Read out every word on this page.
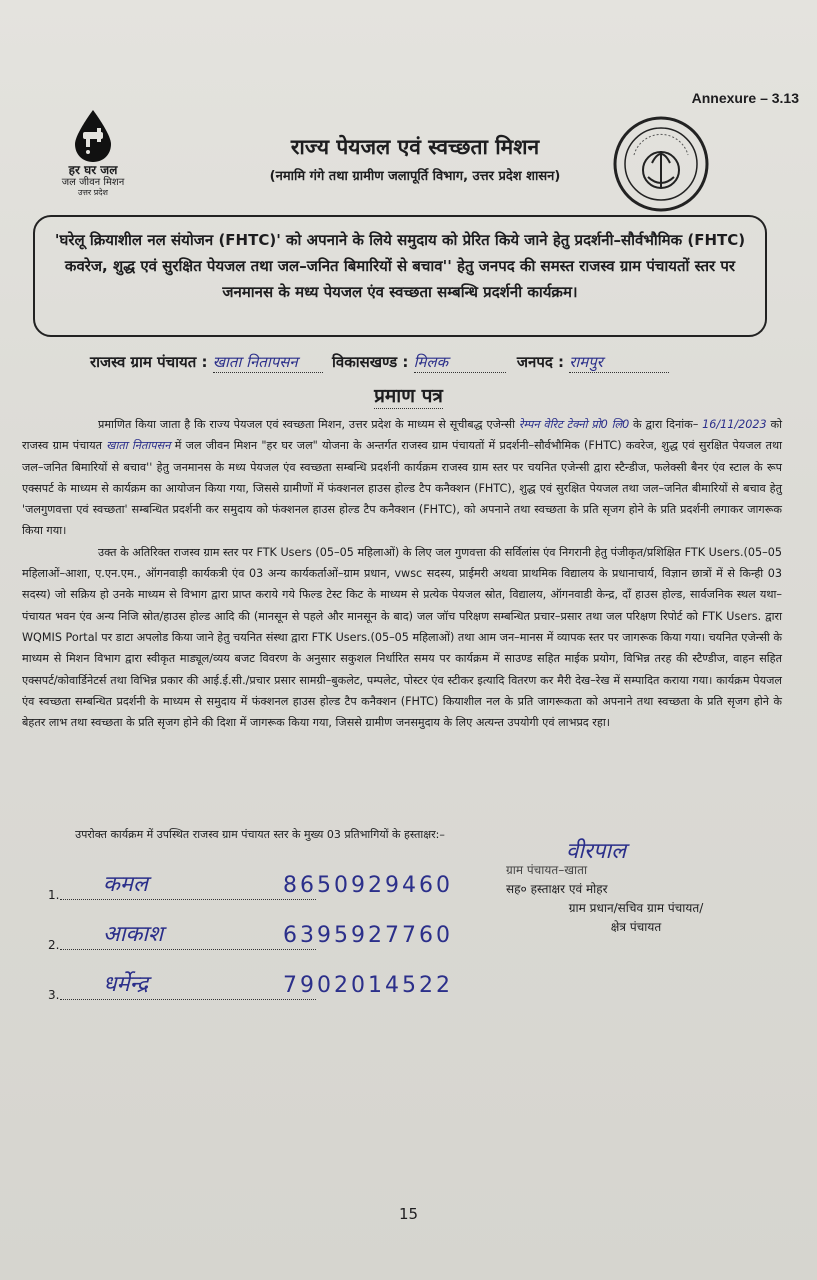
Annexure – 3.13
हर घर जल
जल जीवन मिशन
उत्तर प्रदेश
राज्य पेयजल एवं स्वच्छता मिशन
(नमामि गंगे तथा ग्रामीण जलापूर्ति विभाग, उत्तर प्रदेश शासन)
'घरेलू क्रियाशील नल संयोजन (FHTC)' को अपनाने के लिये समुदाय को प्रेरित किये जाने हेतु प्रदर्शनी–सौर्वभौमिक (FHTC) कवरेज, शुद्ध एवं सुरक्षित पेयजल तथा जल–जनित बिमारियों से बचाव'' हेतु जनपद की समस्त राजस्व ग्राम पंचायतों स्तर पर जनमानस के मध्य पेयजल एंव स्वच्छता सम्बन्धि प्रदर्शनी कार्यक्रम।
राजस्व ग्राम पंचायत : खाता नितापसन विकासखण्ड : मिलक	जनपद : रामपुर
प्रमाण पत्र

प्रमाणित किया जाता है कि राज्य पेयजल एवं स्वच्छता मिशन, उत्तर प्रदेश के माध्यम से सूचीबद्ध एजेन्सी रेम्पन वेरिट टेक्नो प्रो0 लि0 के द्वारा दिनांक– 16/11/2023 को राजस्व ग्राम पंचायत खाता नितापसन में जल जीवन मिशन "हर घर जल" योजना के अन्तर्गत राजस्व ग्राम पंचायतों में प्रदर्शनी–सौर्वभौमिक (FHTC) कवरेज, शुद्ध एवं सुरक्षित पेयजल तथा जल–जनित बिमारियों से बचाव'' हेतु जनमानस के मध्य पेयजल एंव स्वच्छता सम्बन्धि प्रदर्शनी कार्यक्रम राजस्व ग्राम स्तर पर चयनित एजेन्सी द्वारा स्टैन्डीज, फलेक्सी बैनर एंव स्टाल के रूप एक्सपर्ट के माध्यम से कार्यक्रम का आयोजन किया गया, जिससे ग्रामीणों में फंक्शनल हाउस होल्ड टैप कनैक्शन (FHTC), शुद्ध एवं सुरक्षित पेयजल तथा जल–जनित बीमारियों से बचाव हेतु 'जलगुणवत्ता एवं स्वच्छता' सम्बन्धित प्रदर्शनी कर समुदाय को फंक्शनल हाउस होल्ड टैप कनैक्शन (FHTC), को अपनाने तथा स्वच्छता के प्रति सृजग होने के प्रति प्रदर्शनी लगाकर जागरूक किया गया।

उक्त के अतिरिक्त राजस्व ग्राम स्तर पर FTK Users (05–05 महिलाओं) के लिए जल गुणवत्ता की सर्विलांस एंव निगरानी हेतु पंजीकृत/प्रशिक्षित FTK Users.(05–05 महिलाओं–आशा, ए.एन.एम., ऑगनवाड़ी कार्यकत्री एंव 03 अन्य कार्यकर्ताओं–ग्राम प्रधान, vwsc सदस्य, प्राईमरी अथवा प्राथमिक विद्यालय के प्रधानाचार्य, विज्ञान छात्रों में से किन्ही 03 सदस्य) जो सक्रिय हो उनके माध्यम से विभाग द्वारा प्राप्त कराये गये फिल्ड टेस्ट किट के माध्यम से प्रत्येक पेयजल स्रोत, विद्यालय, ऑगनवाडी केन्द्र, दाँ हाउस होल्ड, सार्वजनिक स्थल यथा–पंचायत भवन एंव अन्य निजि स्रोत/हाउस होल्ड आदि की (मानसून से पहले और मानसून के बाद) जल जॉच परिक्षण सम्बन्धित प्रचार–प्रसार तथा जल परिक्षण रिपोर्ट को FTK Users. द्वारा WQMIS Portal पर डाटा अपलोड किया जाने हेतु चयनित संस्था द्वारा FTK Users.(05–05 महिलाओं) तथा आम जन–मानस में व्यापक स्तर पर जागरूक किया गया। चयनित एजेन्सी के माध्यम से मिशन विभाग द्वारा स्वीकृत माड्यूल/व्यय बजट विवरण के अनुसार सकुशल निर्धारित समय पर कार्यक्रम में साउण्ड सहित माईक प्रयोग, विभिन्न तरह की स्टैण्डीज, वाहन सहित एक्सपर्ट/कोवार्डिनेटर्स तथा विभिन्न प्रकार की आई.ई.सी./प्रचार प्रसार सामग्री–बुकलेट, पम्पलेट, पोस्टर एंव स्टीकर इत्यादि वितरण कर मैरी देख–रेख में सम्पादित कराया गया। कार्यक्रम पेयजल एंव स्वच्छता सम्बन्धित प्रदर्शनी के माध्यम से समुदाय में फंक्शनल हाउस होल्ड टैप कनैक्शन (FHTC) कियाशील नल के प्रति जागरूकता को अपनाने तथा स्वच्छता के प्रति सृजग होने के बेहतर लाभ तथा स्वच्छता के प्रति सृजग होने की दिशा में जागरूक किया गया, जिससे ग्रामीण जनसमुदाय के लिए अत्यन्त उपयोगी एवं लाभप्रद रहा।

उपरोक्त कार्यक्रम में उपस्थित राजस्व ग्राम पंचायत स्तर के मुख्य 03 प्रतिभागियों के हस्ताक्षर:–
1. कमल	8650929460
2. आकाश	6395927760
3. धर्मेन्द्र	7902014522
वीरपाल
ग्राम पंचायत–खाता
सह० हस्ताक्षर एवं मोहर
ग्राम प्रधान/सचिव ग्राम पंचायत/
क्षेत्र पंचायत
15
